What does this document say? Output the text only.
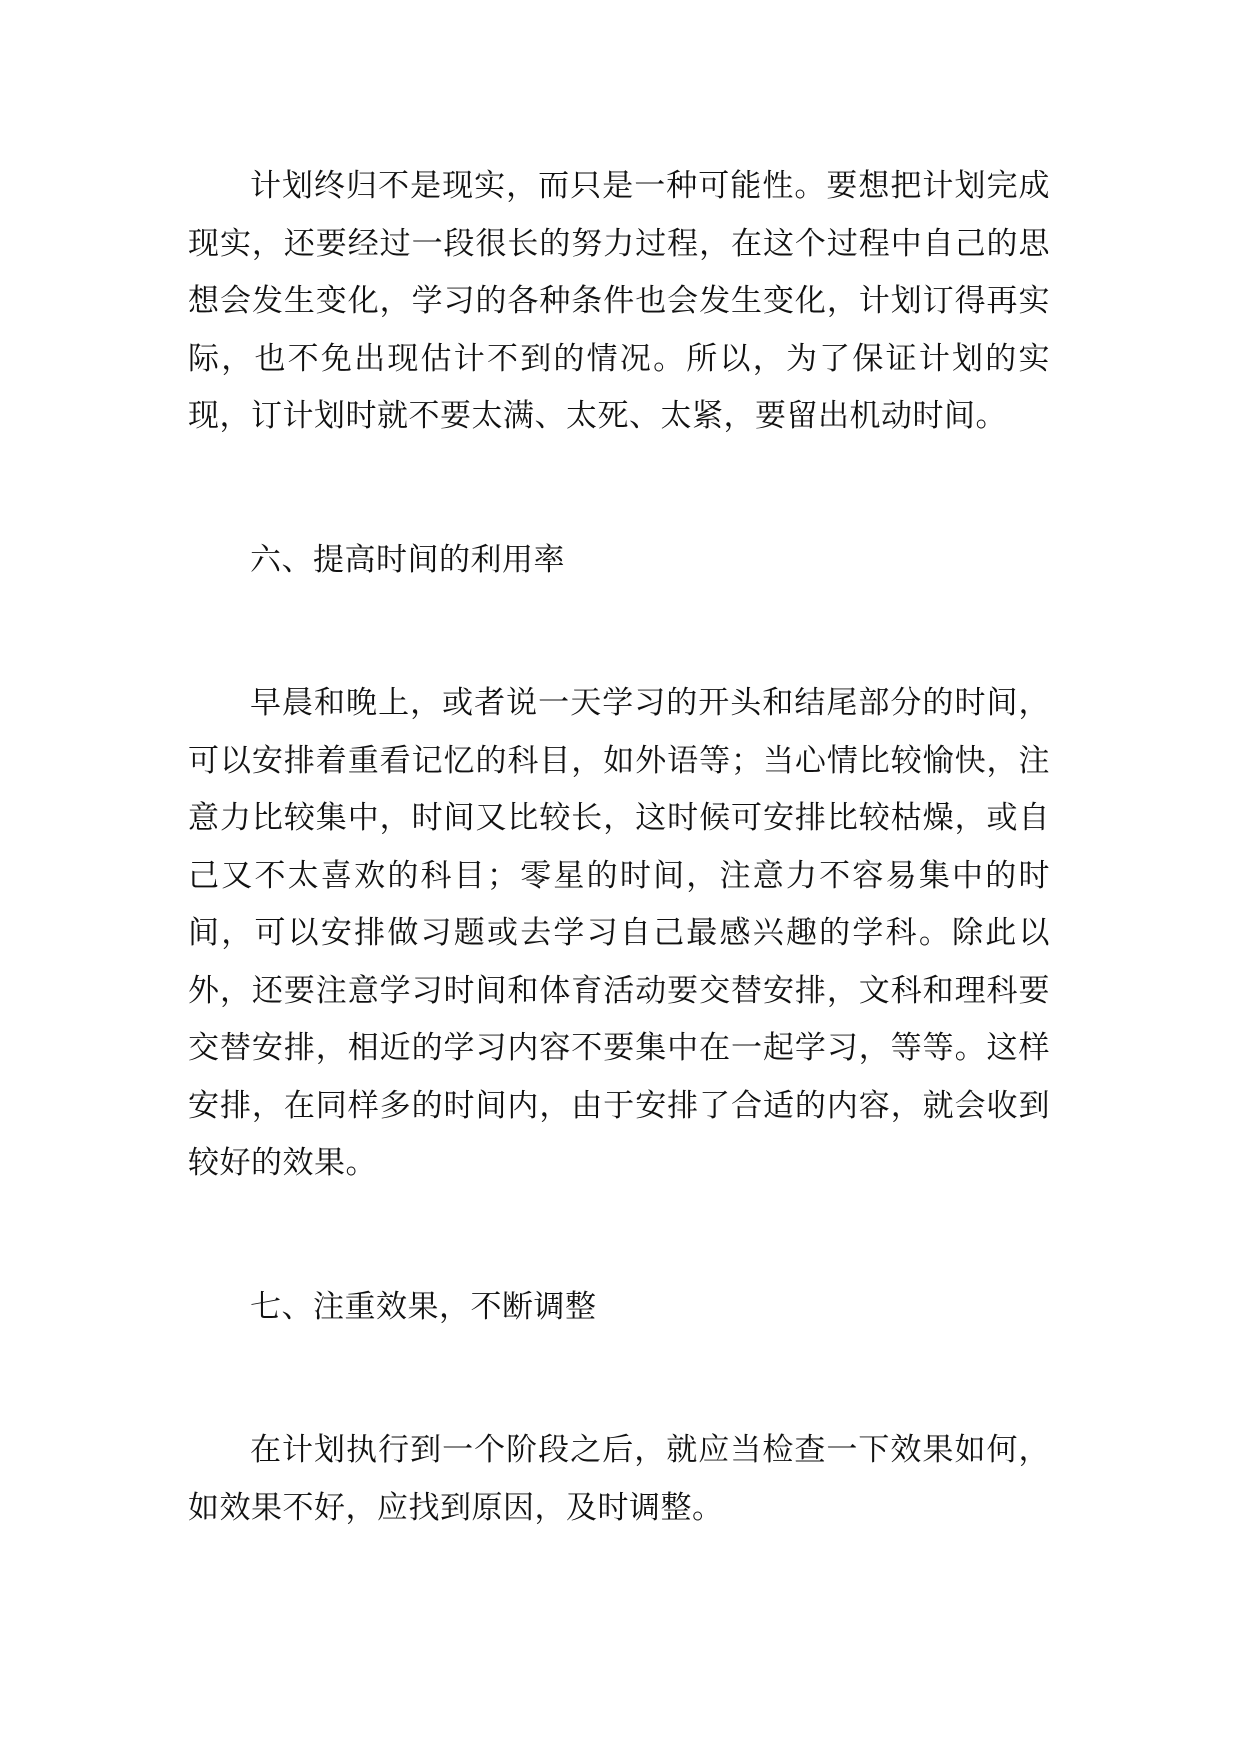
计划终归不是现实，而只是一种可能性。要想把计划完成现实，还要经过一段很长的努力过程，在这个过程中自己的思想会发生变化，学习的各种条件也会发生变化，计划订得再实际，也不免出现估计不到的情况。所以，为了保证计划的实现，订计划时就不要太满、太死、太紧，要留出机动时间。

六、提高时间的利用率

早晨和晚上，或者说一天学习的开头和结尾部分的时间，可以安排着重看记忆的科目，如外语等；当心情比较愉快，注意力比较集中，时间又比较长，这时候可安排比较枯燥，或自己又不太喜欢的科目；零星的时间，注意力不容易集中的时间，可以安排做习题或去学习自己最感兴趣的学科。除此以外，还要注意学习时间和体育活动要交替安排，文科和理科要交替安排，相近的学习内容不要集中在一起学习，等等。这样安排，在同样多的时间内，由于安排了合适的内容，就会收到较好的效果。

七、注重效果，不断调整

在计划执行到一个阶段之后，就应当检查一下效果如何，如效果不好，应找到原因，及时调整。
